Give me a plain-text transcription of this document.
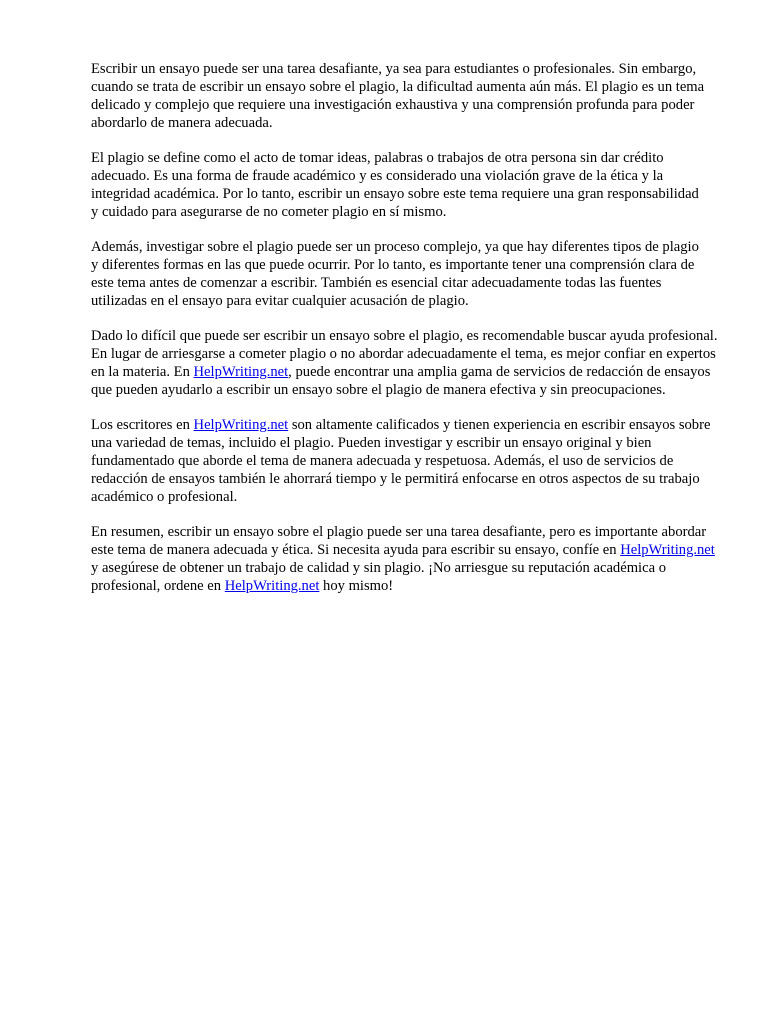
Escribir un ensayo puede ser una tarea desafiante, ya sea para estudiantes o profesionales. Sin embargo, cuando se trata de escribir un ensayo sobre el plagio, la dificultad aumenta aún más. El plagio es un tema delicado y complejo que requiere una investigación exhaustiva y una comprensión profunda para poder abordarlo de manera adecuada.

El plagio se define como el acto de tomar ideas, palabras o trabajos de otra persona sin dar crédito adecuado. Es una forma de fraude académico y es considerado una violación grave de la ética y la integridad académica. Por lo tanto, escribir un ensayo sobre este tema requiere una gran responsabilidad y cuidado para asegurarse de no cometer plagio en sí mismo.

Además, investigar sobre el plagio puede ser un proceso complejo, ya que hay diferentes tipos de plagio y diferentes formas en las que puede ocurrir. Por lo tanto, es importante tener una comprensión clara de este tema antes de comenzar a escribir. También es esencial citar adecuadamente todas las fuentes utilizadas en el ensayo para evitar cualquier acusación de plagio.

Dado lo difícil que puede ser escribir un ensayo sobre el plagio, es recomendable buscar ayuda profesional. En lugar de arriesgarse a cometer plagio o no abordar adecuadamente el tema, es mejor confiar en expertos en la materia. En HelpWriting.net, puede encontrar una amplia gama de servicios de redacción de ensayos que pueden ayudarlo a escribir un ensayo sobre el plagio de manera efectiva y sin preocupaciones.

Los escritores en HelpWriting.net son altamente calificados y tienen experiencia en escribir ensayos sobre una variedad de temas, incluido el plagio. Pueden investigar y escribir un ensayo original y bien fundamentado que aborde el tema de manera adecuada y respetuosa. Además, el uso de servicios de redacción de ensayos también le ahorrará tiempo y le permitirá enfocarse en otros aspectos de su trabajo académico o profesional.

En resumen, escribir un ensayo sobre el plagio puede ser una tarea desafiante, pero es importante abordar este tema de manera adecuada y ética. Si necesita ayuda para escribir su ensayo, confíe en HelpWriting.net y asegúrese de obtener un trabajo de calidad y sin plagio. ¡No arriesgue su reputación académica o profesional, ordene en HelpWriting.net hoy mismo!
